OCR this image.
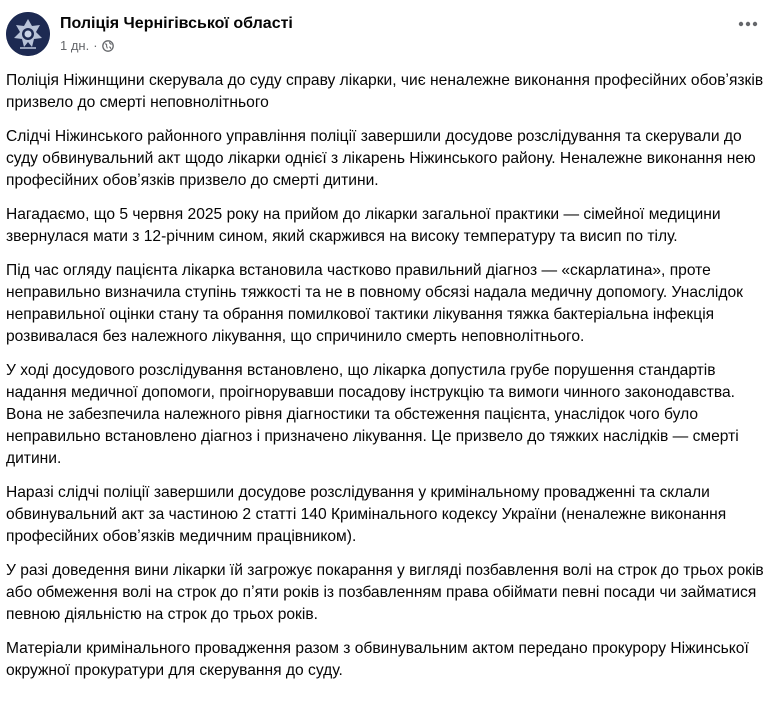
Поліція Чернігівської області
1 дн. ·

Поліція Ніжинщини скерувала до суду справу лікарки, чиє неналежне виконання професійних обовʼязків призвело до смерті неповнолітнього

Слідчі Ніжинського районного управління поліції завершили досудове розслідування та скерували до суду обвинувальний акт щодо лікарки однієї з лікарень Ніжинського району. Неналежне виконання нею професійних обовʼязків призвело до смерті дитини.

Нагадаємо, що 5 червня 2025 року на прийом до лікарки загальної практики — сімейної медицини звернулася мати з 12-річним сином, який скаржився на високу температуру та висип по тілу.

Під час огляду пацієнта лікарка встановила частково правильний діагноз — «скарлатина», проте неправильно визначила ступінь тяжкості та не в повному обсязі надала медичну допомогу. Унаслідок неправильної оцінки стану та обрання помилкової тактики лікування тяжка бактеріальна інфекція розвивалася без належного лікування, що спричинило смерть неповнолітнього.

У ході досудового розслідування встановлено, що лікарка допустила грубе порушення стандартів надання медичної допомоги, проігнорувавши посадову інструкцію та вимоги чинного законодавства. Вона не забезпечила належного рівня діагностики та обстеження пацієнта, унаслідок чого було неправильно встановлено діагноз і призначено лікування. Це призвело до тяжких наслідків — смерті дитини.

Наразі слідчі поліції завершили досудове розслідування у кримінальному провадженні та склали обвинувальний акт за частиною 2 статті 140 Кримінального кодексу України (неналежне виконання професійних обовʼязків медичним працівником).

У разі доведення вини лікарки їй загрожує покарання у вигляді позбавлення волі на строк до трьох років або обмеження волі на строк до пʼяти років із позбавленням права обіймати певні посади чи займатися певною діяльністю на строк до трьох років.

Матеріали кримінального провадження разом з обвинувальним актом передано прокурору Ніжинської окружної прокуратури для скерування до суду.
